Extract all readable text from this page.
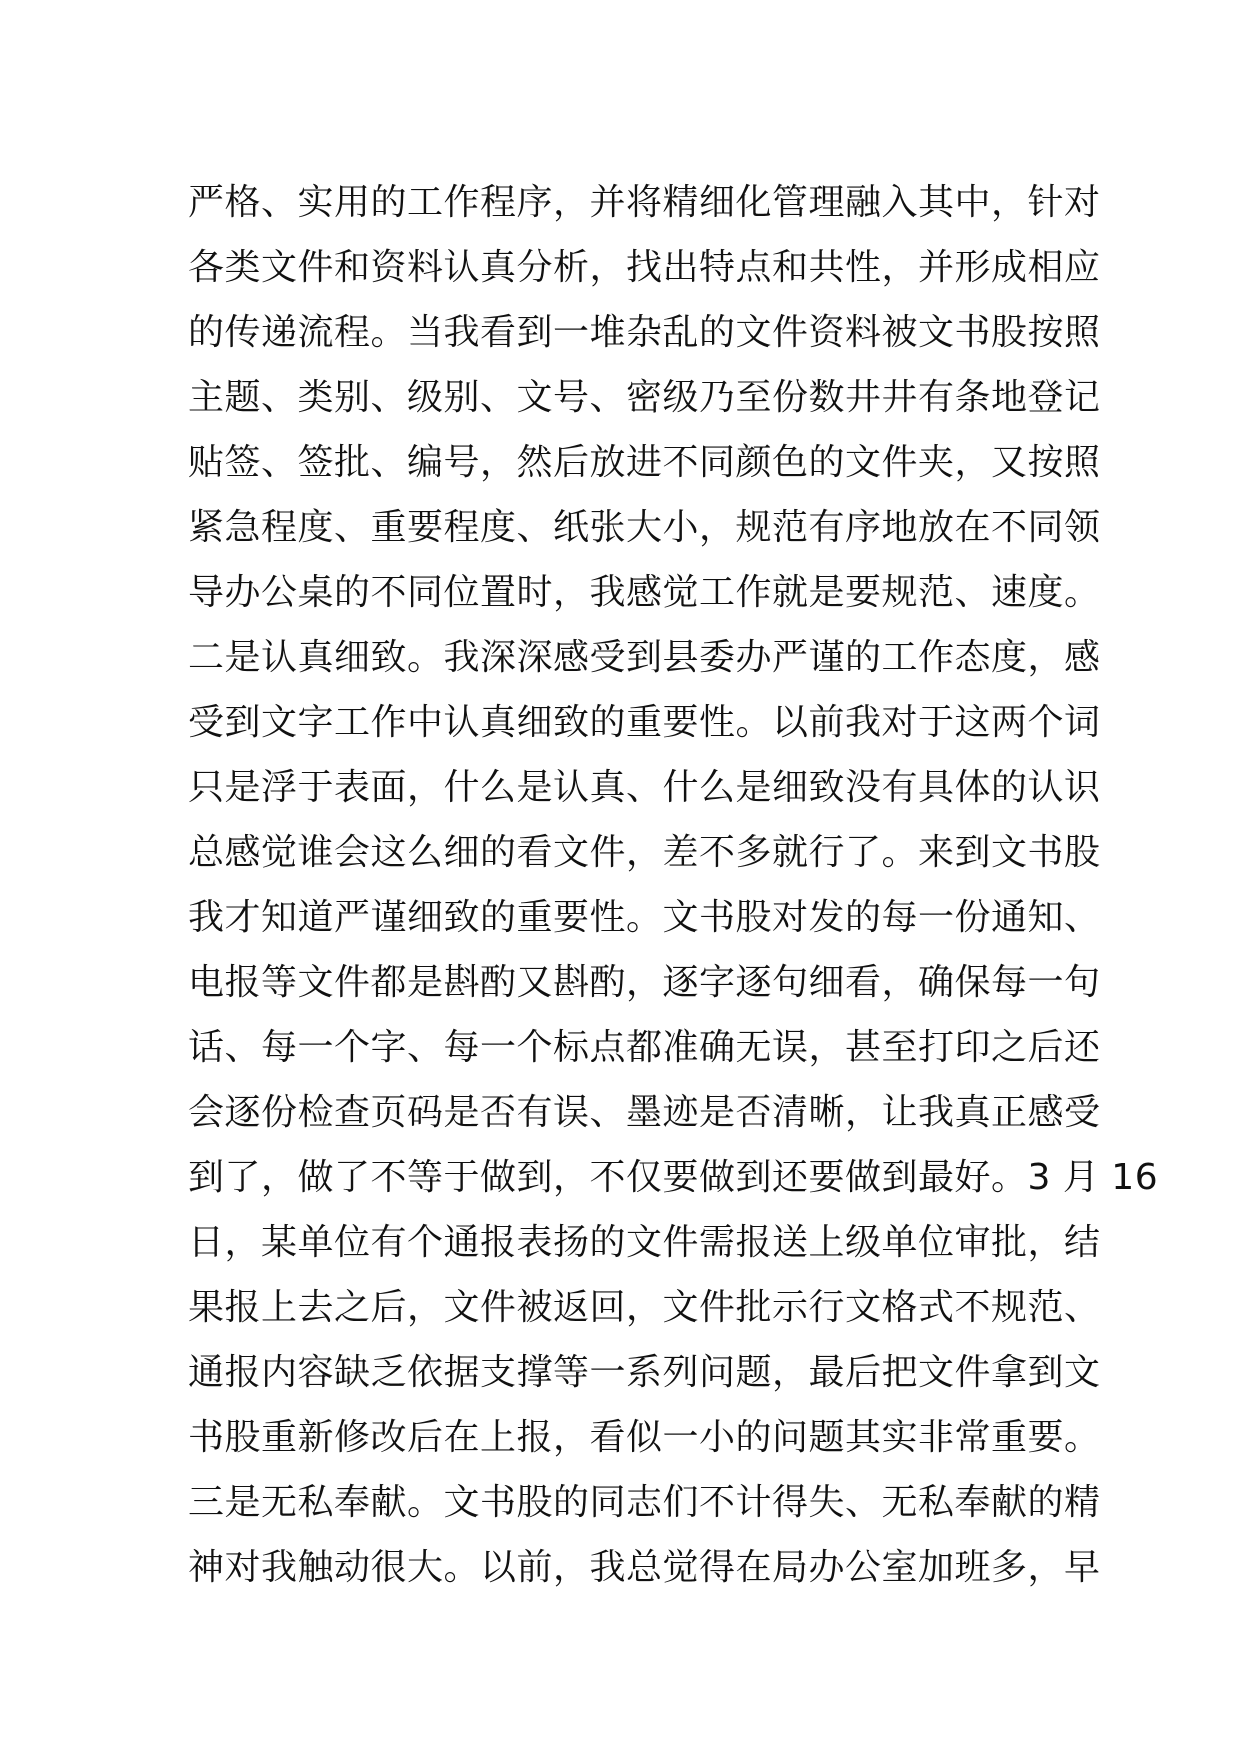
严格、实用的工作程序，并将精细化管理融入其中，针对
各类文件和资料认真分析，找出特点和共性，并形成相应
的传递流程。当我看到一堆杂乱的文件资料被文书股按照
主题、类别、级别、文号、密级乃至份数井井有条地登记
贴签、签批、编号，然后放进不同颜色的文件夹，又按照
紧急程度、重要程度、纸张大小，规范有序地放在不同领
导办公桌的不同位置时，我感觉工作就是要规范、速度。
二是认真细致。我深深感受到县委办严谨的工作态度，感
受到文字工作中认真细致的重要性。以前我对于这两个词
只是浮于表面，什么是认真、什么是细致没有具体的认识
总感觉谁会这么细的看文件，差不多就行了。来到文书股
我才知道严谨细致的重要性。文书股对发的每一份通知、
电报等文件都是斟酌又斟酌，逐字逐句细看，确保每一句
话、每一个字、每一个标点都准确无误，甚至打印之后还
会逐份检查页码是否有误、墨迹是否清晰，让我真正感受
到了，做了不等于做到，不仅要做到还要做到最好。3 月 16
日，某单位有个通报表扬的文件需报送上级单位审批，结
果报上去之后，文件被返回，文件批示行文格式不规范、
通报内容缺乏依据支撑等一系列问题，最后把文件拿到文
书股重新修改后在上报，看似一小的问题其实非常重要。
三是无私奉献。文书股的同志们不计得失、无私奉献的精
神对我触动很大。以前，我总觉得在局办公室加班多，早
